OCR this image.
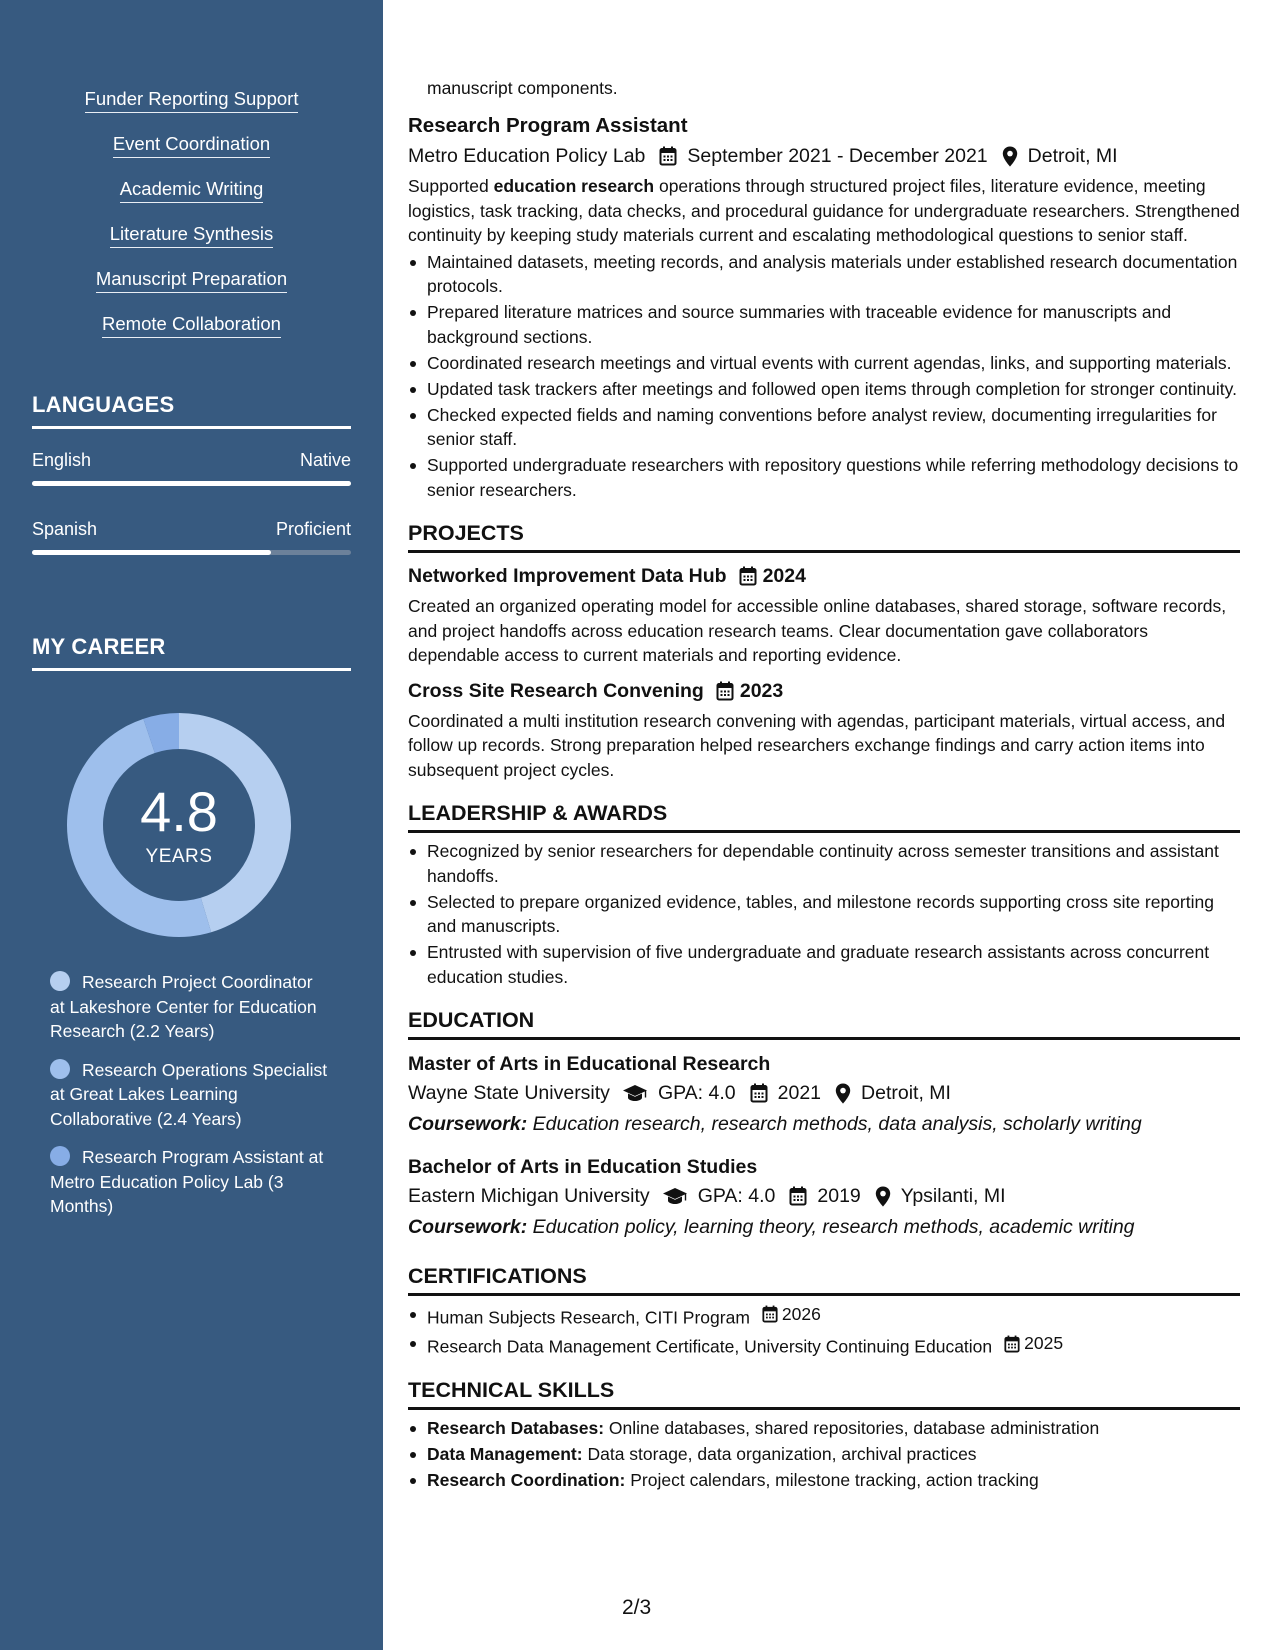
Funder Reporting Support
Event Coordination
Academic Writing
Literature Synthesis
Manuscript Preparation
Remote Collaboration
LANGUAGES
English	Native
Spanish	Proficient
MY CAREER
4.8
YEARS
Research Project Coordinator at Lakeshore Center for Education Research (2.2 Years)
Research Operations Specialist at Great Lakes Learning Collaborative (2.4 Years)
Research Program Assistant at Metro Education Policy Lab (3 Months)
manuscript components.
Research Program Assistant
Metro Education Policy Lab September 2021 - December 2021 Detroit, MI
Supported education research operations through structured project files, literature evidence, meeting logistics, task tracking, data checks, and procedural guidance for undergraduate researchers. Strengthened continuity by keeping study materials current and escalating methodological questions to senior staff.
Maintained datasets, meeting records, and analysis materials under established research documentation protocols.
Prepared literature matrices and source summaries with traceable evidence for manuscripts and background sections.
Coordinated research meetings and virtual events with current agendas, links, and supporting materials.
Updated task trackers after meetings and followed open items through completion for stronger continuity.
Checked expected fields and naming conventions before analyst review, documenting irregularities for senior staff.
Supported undergraduate researchers with repository questions while referring methodology decisions to senior researchers.
PROJECTS
Networked Improvement Data Hub 2024
Created an organized operating model for accessible online databases, shared storage, software records, and project handoffs across education research teams. Clear documentation gave collaborators dependable access to current materials and reporting evidence.
Cross Site Research Convening 2023
Coordinated a multi institution research convening with agendas, participant materials, virtual access, and follow up records. Strong preparation helped researchers exchange findings and carry action items into subsequent project cycles.
LEADERSHIP & AWARDS
Recognized by senior researchers for dependable continuity across semester transitions and assistant handoffs.
Selected to prepare organized evidence, tables, and milestone records supporting cross site reporting and manuscripts.
Entrusted with supervision of five undergraduate and graduate research assistants across concurrent education studies.
EDUCATION
Master of Arts in Educational Research
Wayne State University GPA: 4.0 2021 Detroit, MI
Coursework: Education research, research methods, data analysis, scholarly writing
Bachelor of Arts in Education Studies
Eastern Michigan University GPA: 4.0 2019 Ypsilanti, MI
Coursework: Education policy, learning theory, research methods, academic writing
CERTIFICATIONS
Human Subjects Research, CITI Program 2026
Research Data Management Certificate, University Continuing Education 2025
TECHNICAL SKILLS
Research Databases: Online databases, shared repositories, database administration
Data Management: Data storage, data organization, archival practices
Research Coordination: Project calendars, milestone tracking, action tracking
2/3
